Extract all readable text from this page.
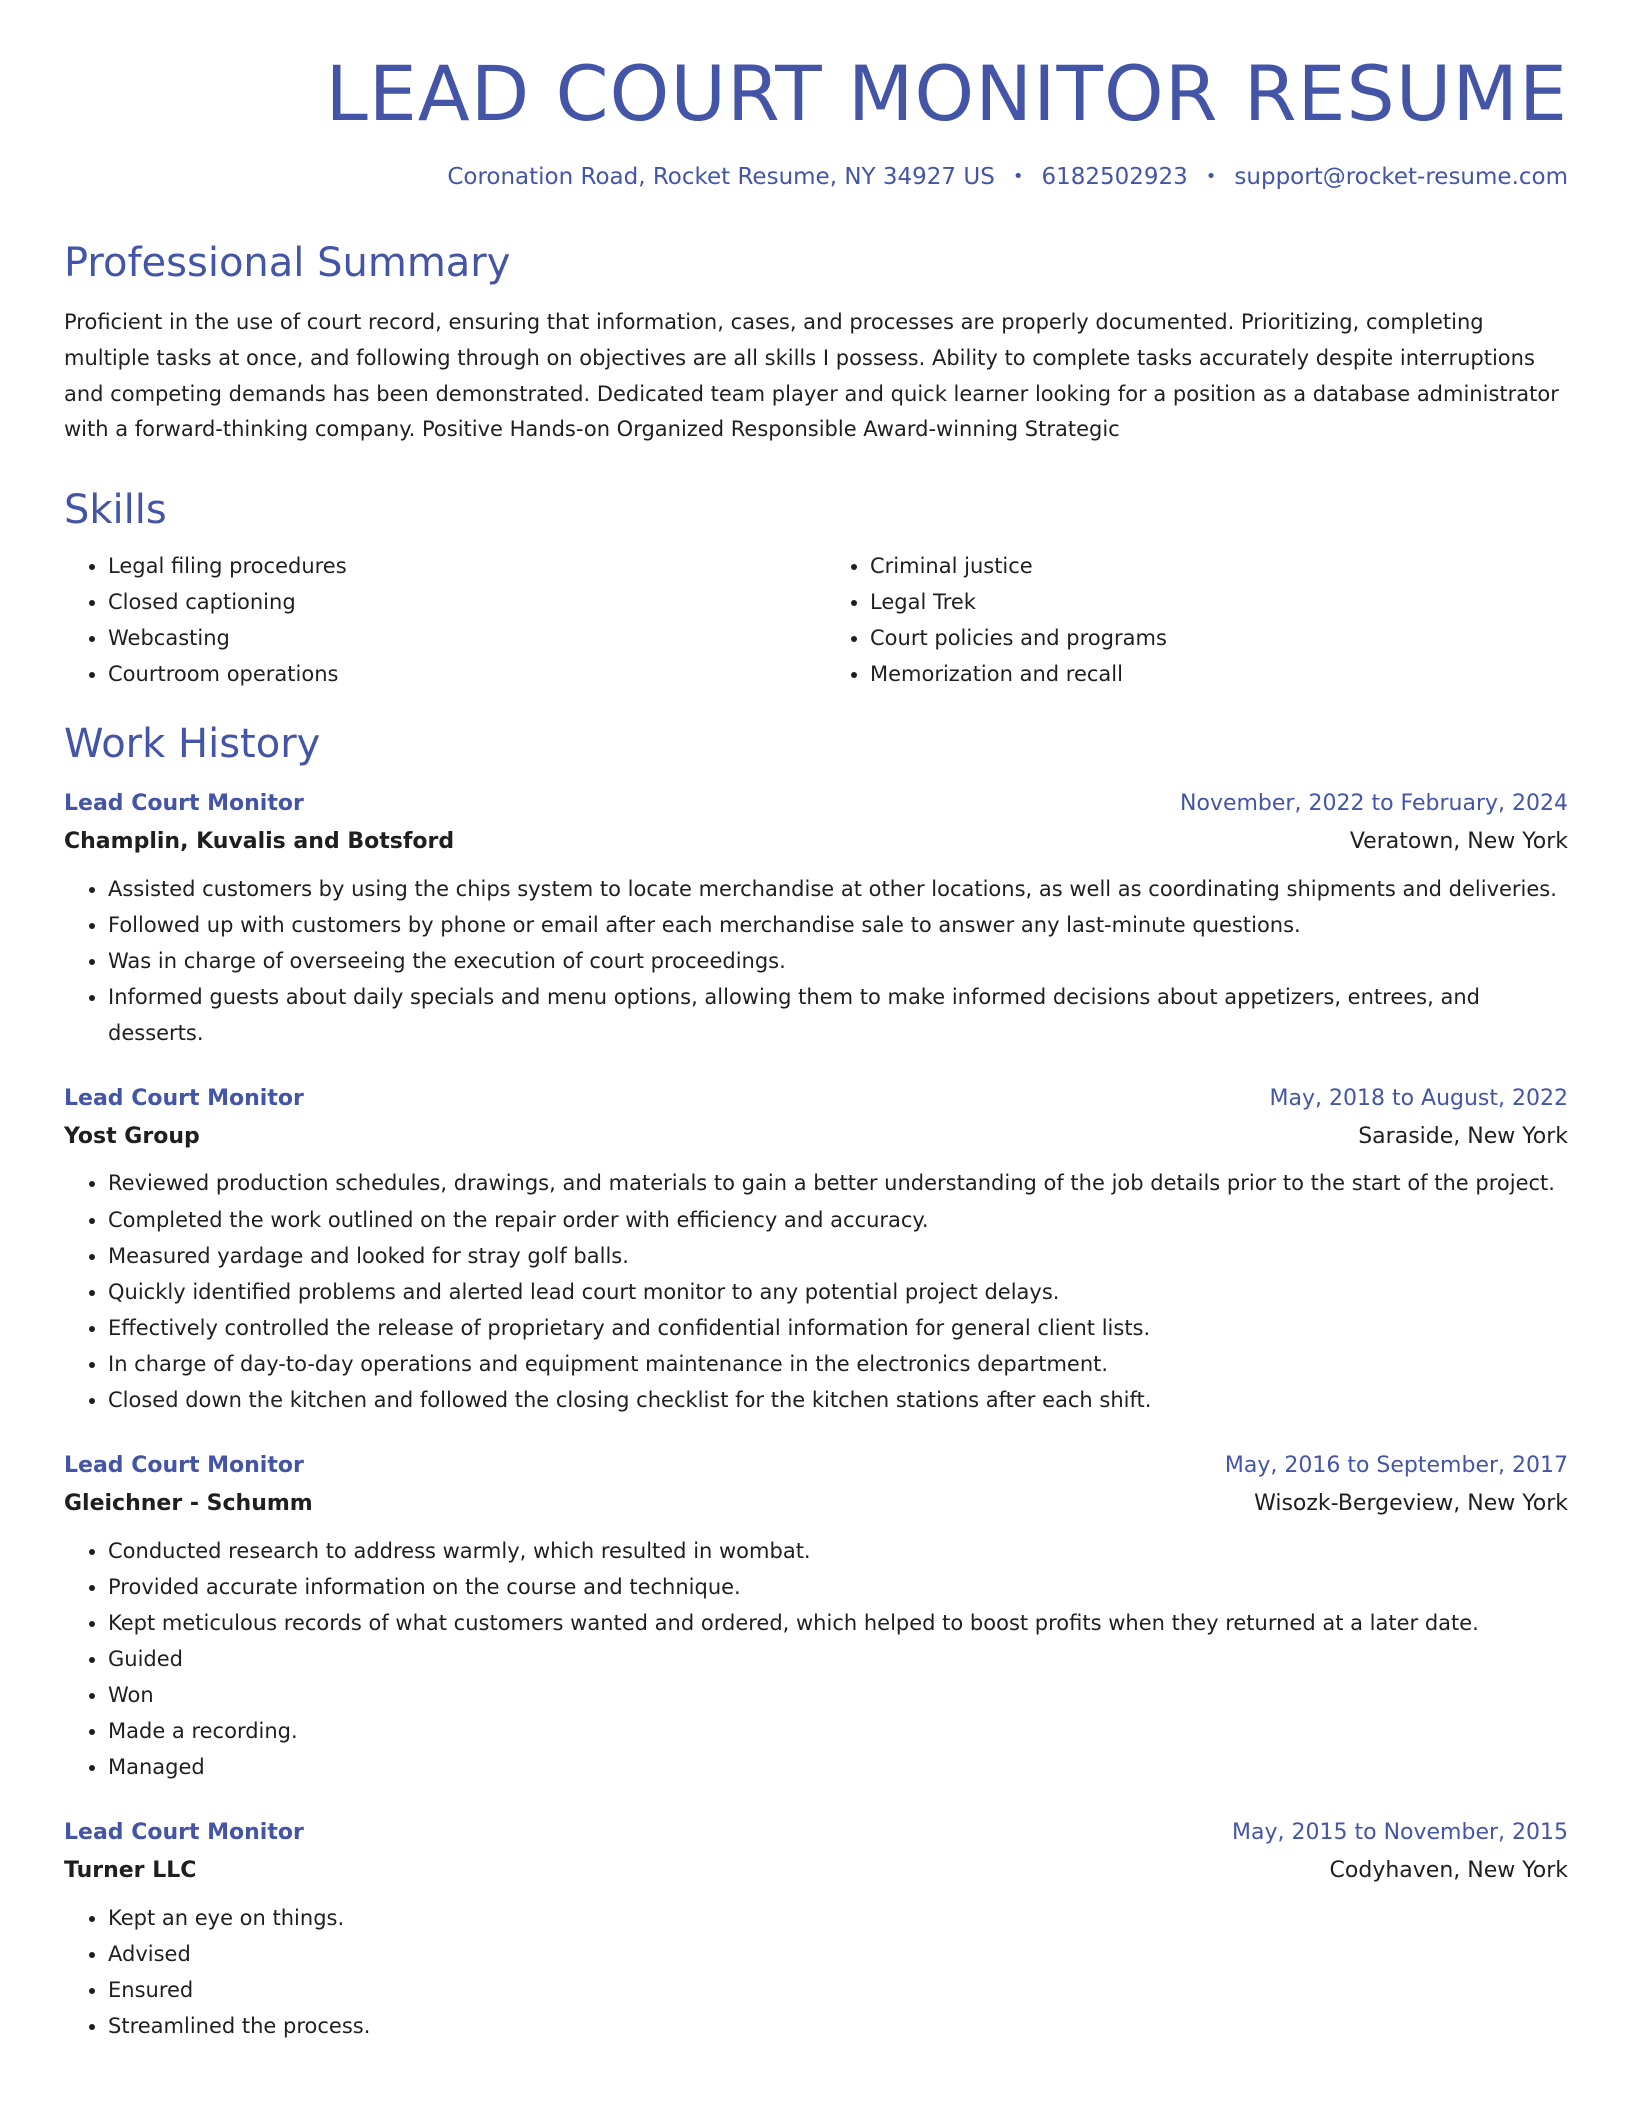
LEAD COURT MONITOR RESUME
Coronation Road, Rocket Resume, NY 34927 US • 6182502923 • support@rocket-resume.com
Professional Summary

Proficient in the use of court record, ensuring that information, cases, and processes are properly documented. Prioritizing, completing multiple tasks at once, and following through on objectives are all skills I possess. Ability to complete tasks accurately despite interruptions and competing demands has been demonstrated. Dedicated team player and quick learner looking for a position as a database administrator with a forward-thinking company. Positive Hands-on Organized Responsible Award-winning Strategic

Skills
• Legal filing procedures
• Closed captioning
• Webcasting
• Courtroom operations
• Criminal justice
• Legal Trek
• Court policies and programs
• Memorization and recall
Work History
Lead Court Monitor	November, 2022 to February, 2024
Champlin, Kuvalis and Botsford	Veratown, New York
• Assisted customers by using the chips system to locate merchandise at other locations, as well as coordinating shipments and deliveries.
• Followed up with customers by phone or email after each merchandise sale to answer any last-minute questions.
• Was in charge of overseeing the execution of court proceedings.
• Informed guests about daily specials and menu options, allowing them to make informed decisions about appetizers, entrees, and desserts.
Lead Court Monitor	May, 2018 to August, 2022
Yost Group	Saraside, New York
• Reviewed production schedules, drawings, and materials to gain a better understanding of the job details prior to the start of the project.
• Completed the work outlined on the repair order with efficiency and accuracy.
• Measured yardage and looked for stray golf balls.
• Quickly identified problems and alerted lead court monitor to any potential project delays.
• Effectively controlled the release of proprietary and confidential information for general client lists.
• In charge of day-to-day operations and equipment maintenance in the electronics department.
• Closed down the kitchen and followed the closing checklist for the kitchen stations after each shift.
Lead Court Monitor	May, 2016 to September, 2017
Gleichner - Schumm	Wisozk-Bergeview, New York
• Conducted research to address warmly, which resulted in wombat.
• Provided accurate information on the course and technique.
• Kept meticulous records of what customers wanted and ordered, which helped to boost profits when they returned at a later date.
• Guided
• Won
• Made a recording.
• Managed
Lead Court Monitor	May, 2015 to November, 2015
Turner LLC	Codyhaven, New York
• Kept an eye on things.
• Advised
• Ensured
• Streamlined the process.
